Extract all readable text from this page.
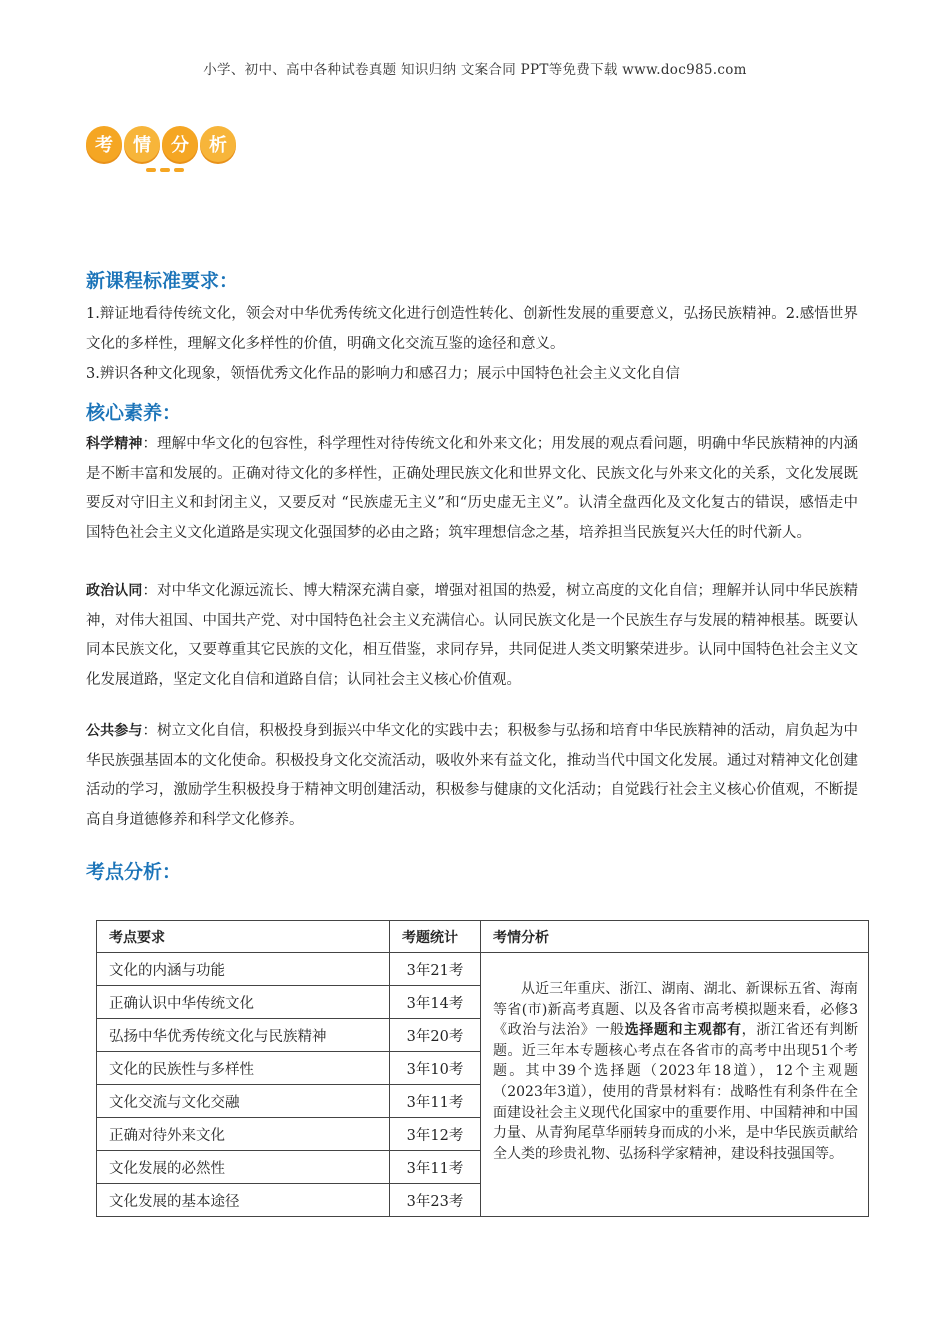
小学、初中、高中各种试卷真题 知识归纳 文案合同 PPT等免费下载 www.doc985.com
考	情	分	析
新课程标准要求：
1.辩证地看待传统文化，领会对中华优秀传统文化进行创造性转化、创新性发展的重要意义，弘扬民族精神。2.感悟世界文化的多样性，理解文化多样性的价值，明确文化交流互鉴的途径和意义。
3.辨识各种文化现象，领悟优秀文化作品的影响力和感召力；展示中国特色社会主义文化自信
核心素养：
科学精神：理解中华文化的包容性，科学理性对待传统文化和外来文化；用发展的观点看问题，明确中华民族精神的内涵是不断丰富和发展的。正确对待文化的多样性，正确处理民族文化和世界文化、民族文化与外来文化的关系，文化发展既要反对守旧主义和封闭主义，又要反对 “民族虚无主义”和“历史虚无主义”。认清全盘西化及文化复古的错误，感悟走中国特色社会主义文化道路是实现文化强国梦的必由之路；筑牢理想信念之基，培养担当民族复兴大任的时代新人。
政治认同：对中华文化源远流长、博大精深充满自豪，增强对祖国的热爱，树立高度的文化自信；理解并认同中华民族精神，对伟大祖国、中国共产党、对中国特色社会主义充满信心。认同民族文化是一个民族生存与发展的精神根基。既要认同本民族文化，又要尊重其它民族的文化，相互借鉴，求同存异，共同促进人类文明繁荣进步。认同中国特色社会主义文化发展道路，坚定文化自信和道路自信；认同社会主义核心价值观。
公共参与：树立文化自信，积极投身到振兴中华文化的实践中去；积极参与弘扬和培育中华民族精神的活动，肩负起为中华民族强基固本的文化使命。积极投身文化交流活动，吸收外来有益文化，推动当代中国文化发展。通过对精神文化创建活动的学习，激励学生积极投身于精神文明创建活动，积极参与健康的文化活动；自觉践行社会主义核心价值观，不断提高自身道德修养和科学文化修养。
考点分析：
考点要求	考题统计	考情分析
文化的内涵与功能	3年21考	从近三年重庆、浙江、湖南、湖北、新课标五省、海南等省(市)新高考真题、以及各省市高考模拟题来看，必修3《政治与法治》一般选择题和主观都有，浙江省还有判断题。近三年本专题核心考点在各省市的高考中出现51个考题。其中39个选择题（2023年18道），12个主观题（2023年3道），使用的背景材料有：战略性有利条件在全面建设社会主义现代化国家中的重要作用、中国精神和中国力量、从青狗尾草华丽转身而成的小米，是中华民族贡献给全人类的珍贵礼物、弘扬科学家精神，建设科技强国等。
正确认识中华传统文化	3年14考	
弘扬中华优秀传统文化与民族精神	3年20考	
文化的民族性与多样性	3年10考	
文化交流与文化交融	3年11考	
正确对待外来文化	3年12考	
文化发展的必然性	3年11考	
文化发展的基本途径	3年23考	
